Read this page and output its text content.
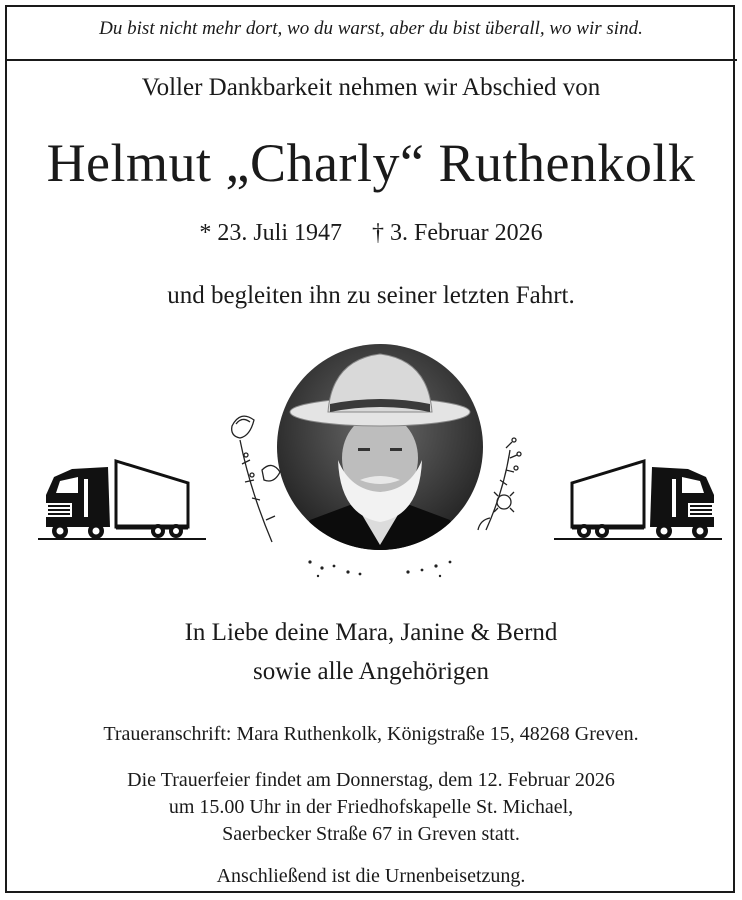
Du bist nicht mehr dort, wo du warst, aber du bist überall, wo wir sind.
Voller Dankbarkeit nehmen wir Abschied von
Helmut „Charly“ Ruthenkolk
* 23. Juli 1947 † 3. Februar 2026
und begleiten ihn zu seiner letzten Fahrt.
In Liebe deine Mara, Janine & Bernd
sowie alle Angehörigen
Traueranschrift: Mara Ruthenkolk, Königstraße 15, 48268 Greven.
Die Trauerfeier findet am Donnerstag, dem 12. Februar 2026
um 15.00 Uhr in der Friedhofskapelle St. Michael,
Saerbecker Straße 67 in Greven statt.
Anschließend ist die Urnenbeisetzung.
